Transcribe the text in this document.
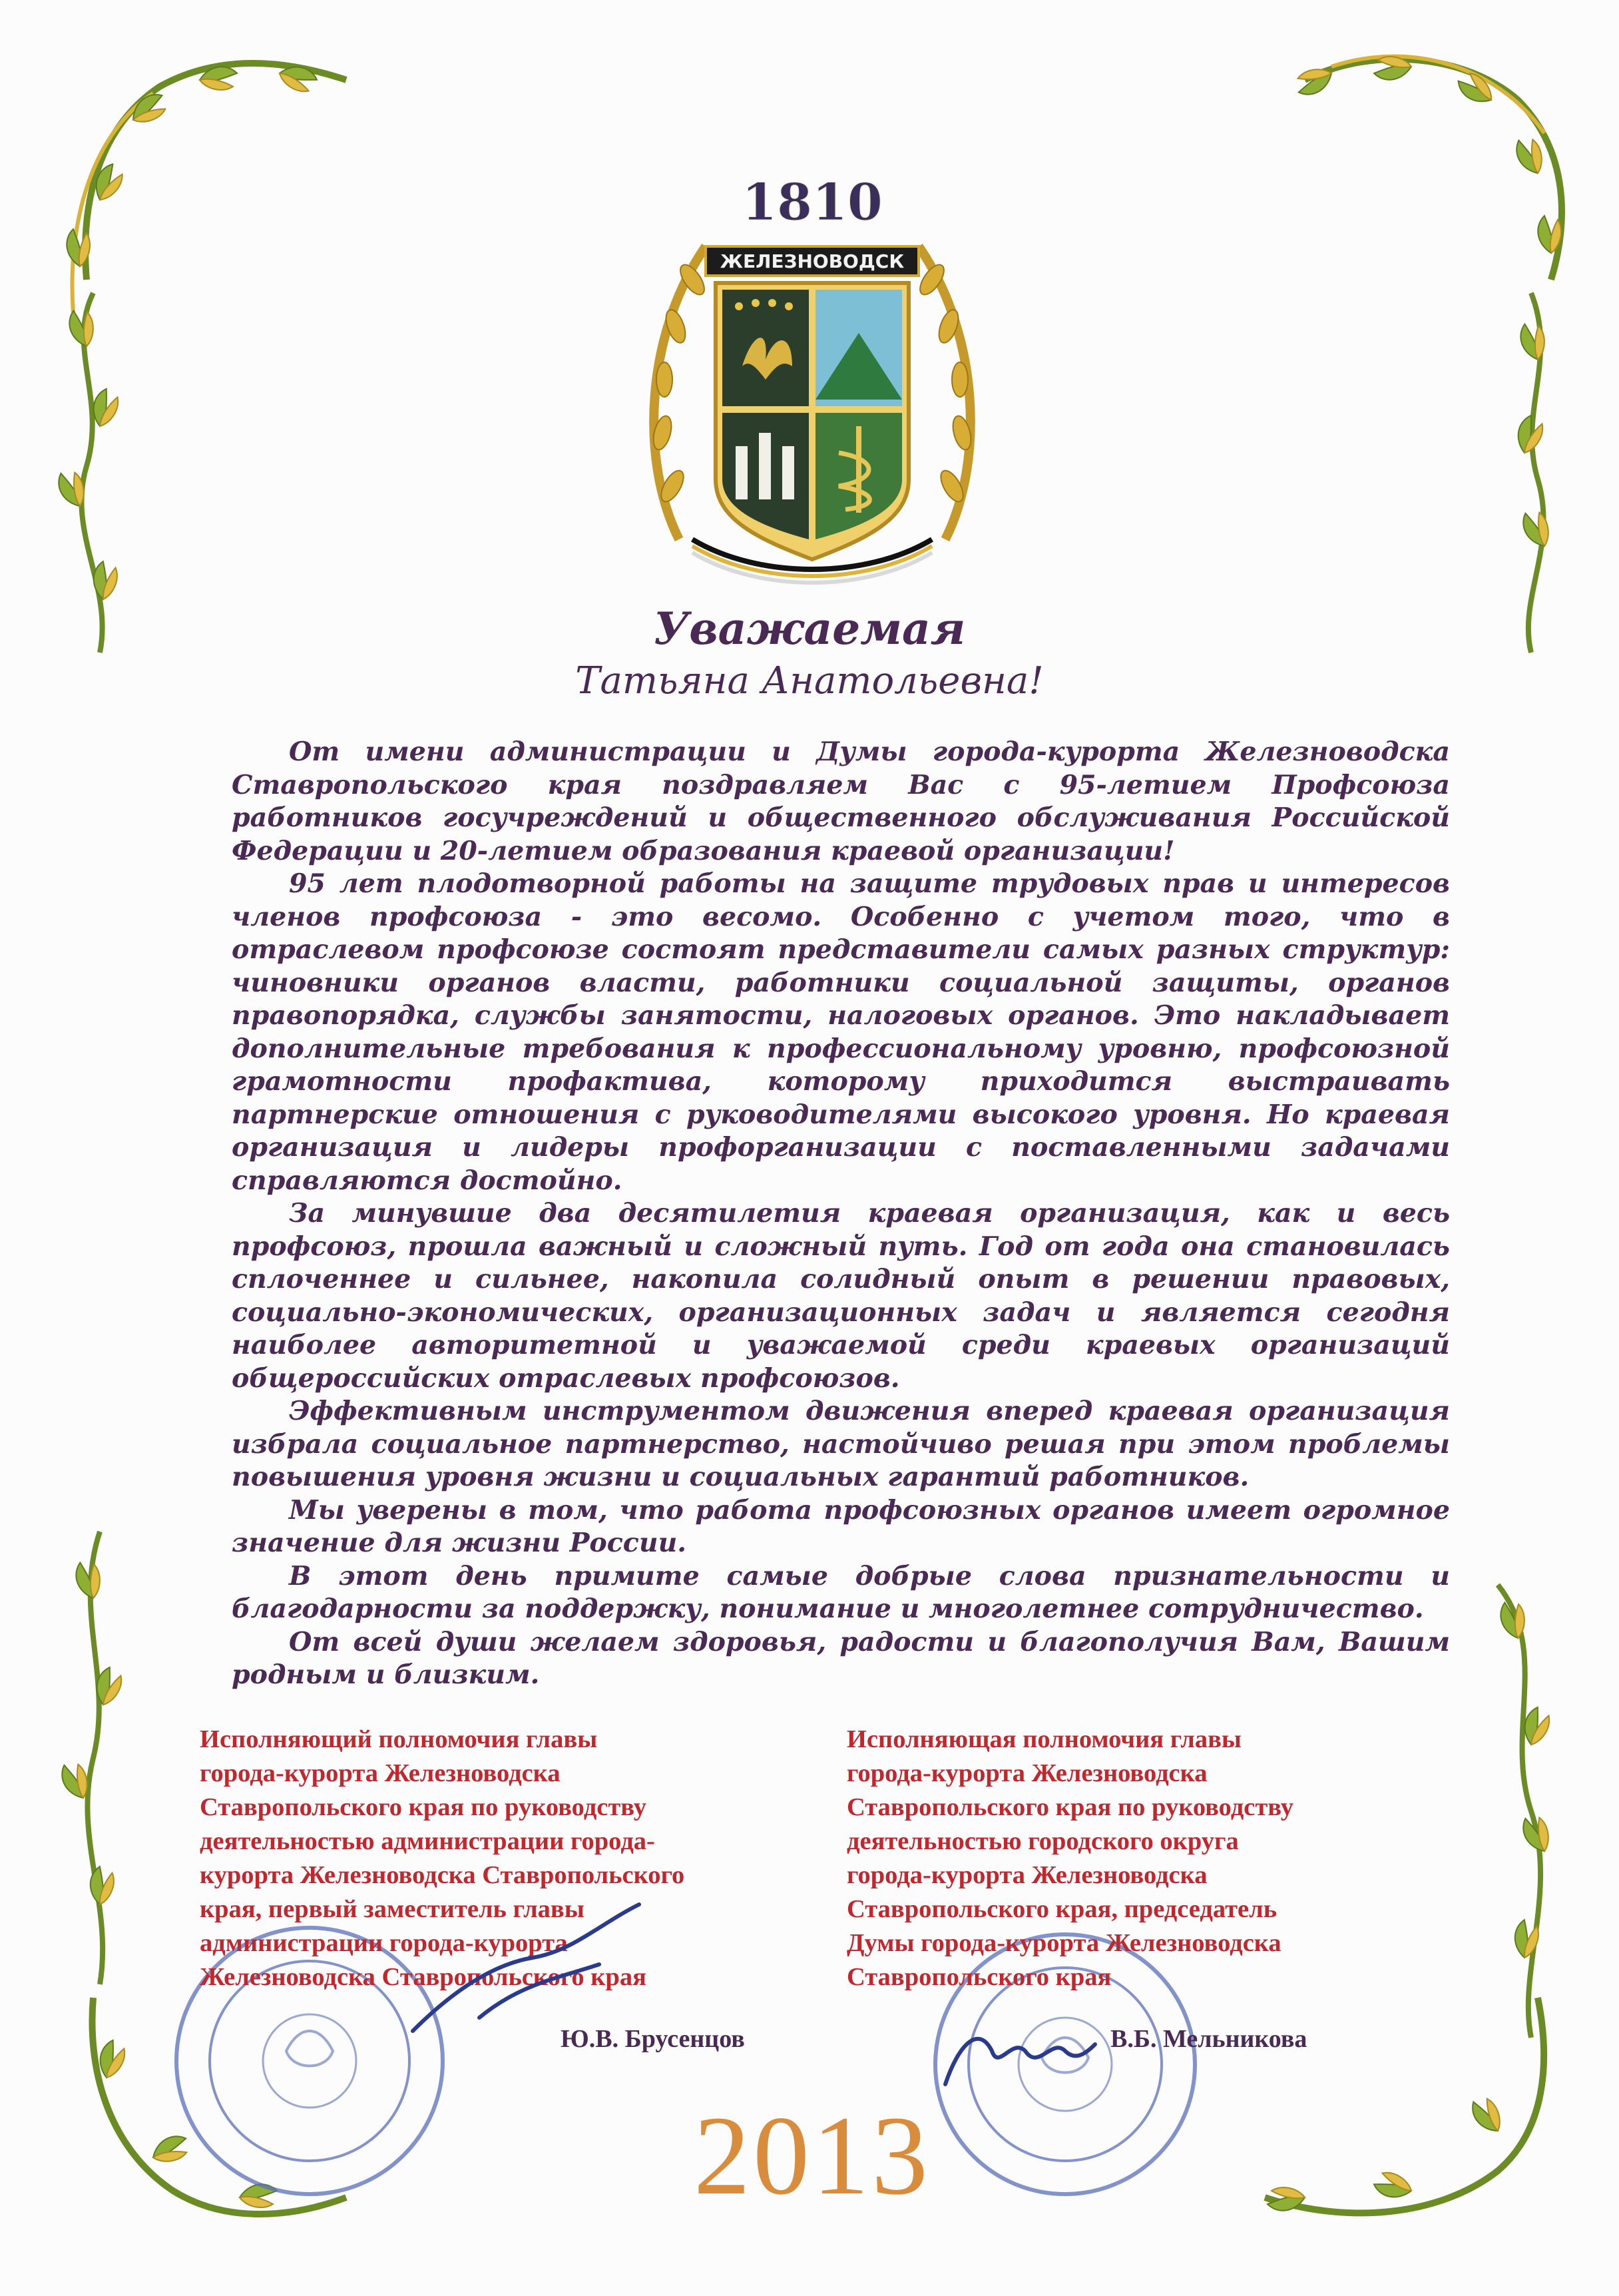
1810
ЖЕЛЕЗНОВОДСК
Уважаемая
Татьяна Анатольевна!

От имени администрации и Думы города-курорта Железноводска Ставропольского края поздравляем Вас с 95-летием Профсоюза работников госучреждений и общественного обслуживания Российской Федерации и 20-летием образования краевой организации!

95 лет плодотворной работы на защите трудовых прав и интересов членов профсоюза - это весомо. Особенно с учетом того, что в отраслевом профсоюзе состоят представители самых разных структур: чиновники органов власти, работники социальной защиты, органов правопорядка, службы занятости, налоговых органов. Это накладывает дополнительные требования к профессиональному уровню, профсоюзной грамотности профактива, которому приходится выстраивать партнерские отношения с руководителями высокого уровня. Но краевая организация и лидеры профорганизации с поставленными задачами справляются достойно.

За минувшие два десятилетия краевая организация, как и весь профсоюз, прошла важный и сложный путь. Год от года она становилась сплоченнее и сильнее, накопила солидный опыт в решении правовых, социально-экономических, организационных задач и является сегодня наиболее авторитетной и уважаемой среди краевых организаций общероссийских отраслевых профсоюзов.

Эффективным инструментом движения вперед краевая организация избрала социальное партнерство, настойчиво решая при этом проблемы повышения уровня жизни и социальных гарантий работников.

Мы уверены в том, что работа профсоюзных органов имеет огромное значение для жизни России.

В этот день примите самые добрые слова признательности и благодарности за поддержку, понимание и многолетнее сотрудничество.

От всей души желаем здоровья, радости и благополучия Вам, Вашим родным и близким.

Исполняющий полномочия главы
города-курорта Железноводска
Ставропольского края по руководству
деятельностью администрации города-
курорта Железноводска Ставропольского
края, первый заместитель главы
администрации города-курорта
Железноводска Ставропольского края
Исполняющая полномочия главы
города-курорта Железноводска
Ставропольского края по руководству
деятельностью городского округа
города-курорта Железноводска
Ставропольского края, председатель
Думы города-курорта Железноводска
Ставропольского края
Ю.В. Брусенцов	В.Б. Мельникова
2013
